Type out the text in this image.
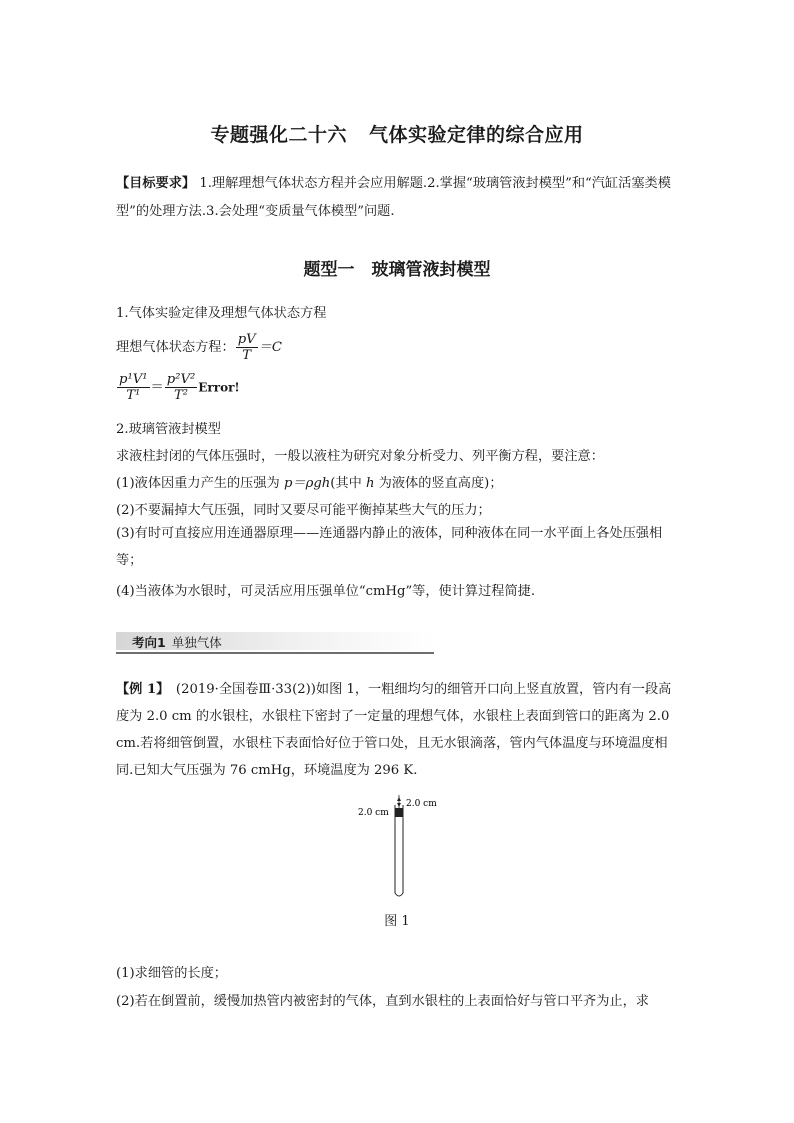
专题强化二十六 气体实验定律的综合应用
【目标要求】 1.理解理想气体状态方程并会应用解题.2.掌握“玻璃管液封模型”和“汽缸活塞类模型”的处理方法.3.会处理“变质量气体模型”问题.
题型一　玻璃管液封模型
1.气体实验定律及理想气体状态方程
理想气体状态方程： $\frac{pV}{T} =C$
$\frac{\text{p¹V¹}}{\text{T¹}} = \frac{\text{p²V²}}{\text{T²}}$ Error!
2.玻璃管液封模型
求液柱封闭的气体压强时，一般以液柱为研究对象分析受力、列平衡方程，要注意：
(1)液体因重力产生的压强为 p＝ρgh(其中 h 为液体的竖直高度)；
(2)不要漏掉大气压强，同时又要尽可能平衡掉某些大气的压力；
(3)有时可直接应用连通器原理——连通器内静止的液体，同种液体在同一水平面上各处压强相等；
(4)当液体为水银时，可灵活应用压强单位“cmHg”等，使计算过程简捷.
考向1 单独气体
【例 1】　(2019·全国卷Ⅲ·33(2))如图 1，一粗细均匀的细管开口向上竖直放置，管内有一段高度为 2.0 cm 的水银柱，水银柱下密封了一定量的理想气体，水银柱上表面到管口的距离为 2.0 cm.若将细管倒置，水银柱下表面恰好位于管口处，且无水银滴落，管内气体温度与环境温度相同.已知大气压强为 76 cmHg，环境温度为 296 K.
2.0 cm
2.0 cm
图 1
(1)求细管的长度；
(2)若在倒置前，缓慢加热管内被密封的气体，直到水银柱的上表面恰好与管口平齐为止，求
